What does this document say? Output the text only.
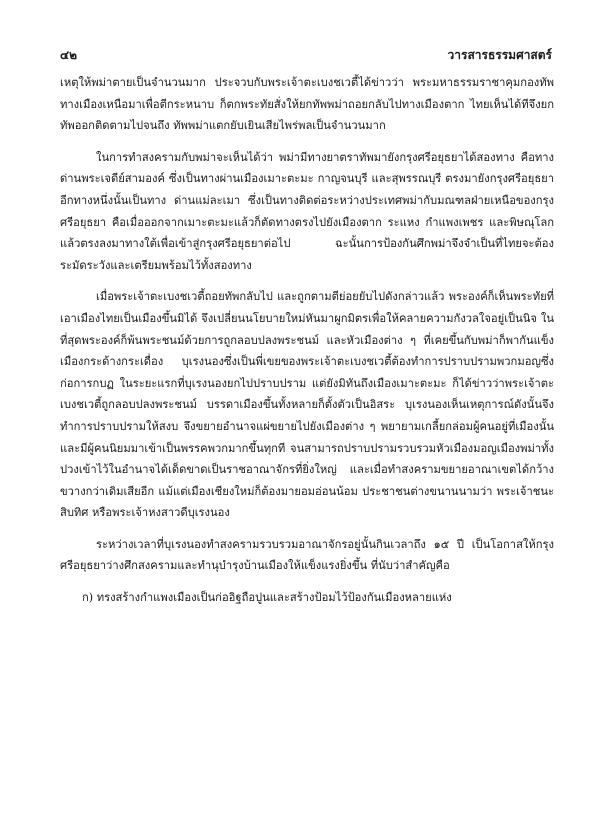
๔๒	วารสารธรรมศาสตร์

เหตุให้พม่าตายเป็นจำนวนมาก ประจวบกับพระเจ้าตะเบงชเวตี้ได้ข่าวว่า พระมหาธรรมราชาคุมกองทัพทางเมืองเหนือมาเพื่อตีกระหนาบ ก็ตกพระทัยสั่งให้ยกทัพพม่าถอยกลับไปทางเมืองตาก ไทยเห็นได้ทีจึงยกทัพออกติดตามไปจนถึง ทัพพม่าแตกยับเยินเสียไพร่พลเป็นจำนวนมาก

ในการทำสงครามกับพม่าจะเห็นได้ว่า พม่ามีทางยาตราทัพมายังกรุงศรีอยุธยาได้สองทาง คือทาง ด่านพระเจดีย์สามองค์ ซึ่งเป็นทางผ่านเมืองเมาะตะมะ กาญจนบุรี และสุพรรณบุรี ตรงมายังกรุงศรีอยุธยา อีกทางหนึ่งนั้นเป็นทาง ด่านแม่ละเมา ซึ่งเป็นทางติดต่อระหว่างประเทศพม่ากับมณฑลฝ่ายเหนือของกรุงศรีอยุธยา คือเมื่อออกจากเมาะตะมะแล้วก็ตัดทางตรงไปยังเมืองตาก ระแหง กำแพงเพชร และพิษณุโลก แล้วตรงลงมาทางใต้เพื่อเข้าสู่กรุงศรีอยุธยาต่อไป ฉะนั้นการป้องกันศึกพม่าจึงจำเป็นที่ไทยจะต้องระมัดระวังและเตรียมพร้อมไว้ทั้งสองทาง

เมื่อพระเจ้าตะเบงชเวตี้ถอยทัพกลับไป และถูกตามตีย่อยยับไปดังกล่าวแล้ว พระองค์ก็เห็นพระทัยที่เอาเมืองไทยเป็นเมืองขึ้นมิได้ จึงเปลี่ยนนโยบายใหม่หันมาผูกมิตรเพื่อให้คลายความกังวลใจอยู่เป็นนิจ ในที่สุดพระองค์ก็พ้นพระชนม์ด้วยการถูกลอบปลงพระชนม์ และหัวเมืองต่าง ๆ ที่เคยขึ้นกับพม่าก็พากันแข็งเมืองกระด้างกระเดื่อง บุเรงนองซึ่งเป็นพี่เขยของพระเจ้าตะเบงชเวตี้ต้องทำการปราบปรามพวกมอญซึ่งก่อการกบฏ ในระยะแรกที่บุเรงนองยกไปปราบปราม แต่ยังมิทันถึงเมืองเมาะตะมะ ก็ได้ข่าวว่าพระเจ้าตะเบงชเวตี้ถูกลอบปลงพระชนม์ บรรดาเมืองขึ้นทั้งหลายก็ตั้งตัวเป็นอิสระ บุเรงนองเห็นเหตุการณ์ดังนั้นจึงทำการปราบปรามให้สงบ จึงขยายอำนาจแผ่ขยายไปยังเมืองต่าง ๆ พยายามเกลี้ยกล่อมผู้คนอยู่ที่เมืองนั้น และมีผู้คนนิยมมาเข้าเป็นพรรคพวกมากขึ้นทุกที จนสามารถปราบปรามรวบรวมหัวเมืองมอญเมืองพม่าทั้งปวงเข้าไว้ในอำนาจได้เด็ดขาดเป็นราชอาณาจักรที่ยิ่งใหญ่ และเมื่อทำสงครามขยายอาณาเขตได้กว้างขวางกว่าเดิมเสียอีก แม้แต่เมืองเชียงใหม่ก็ต้องมายอมอ่อนน้อม ประชาชนต่างขนานนามว่า พระเจ้าชนะสิบทิศ หรือพระเจ้าหงสาวดีบุเรงนอง

ระหว่างเวลาที่บุเรงนองทำสงครามรวบรวมอาณาจักรอยู่นั้นกินเวลาถึง ๑๕ ปี เป็นโอกาสให้กรุงศรีอยุธยาว่างศึกสงครามและทำนุบำรุงบ้านเมืองให้แข็งแรงยิ่งขึ้น ที่นับว่าสำคัญคือ

ก) ทรงสร้างกำแพงเมืองเป็นก่ออิฐถือปูนและสร้างป้อมไว้ป้องกันเมืองหลายแห่ง
